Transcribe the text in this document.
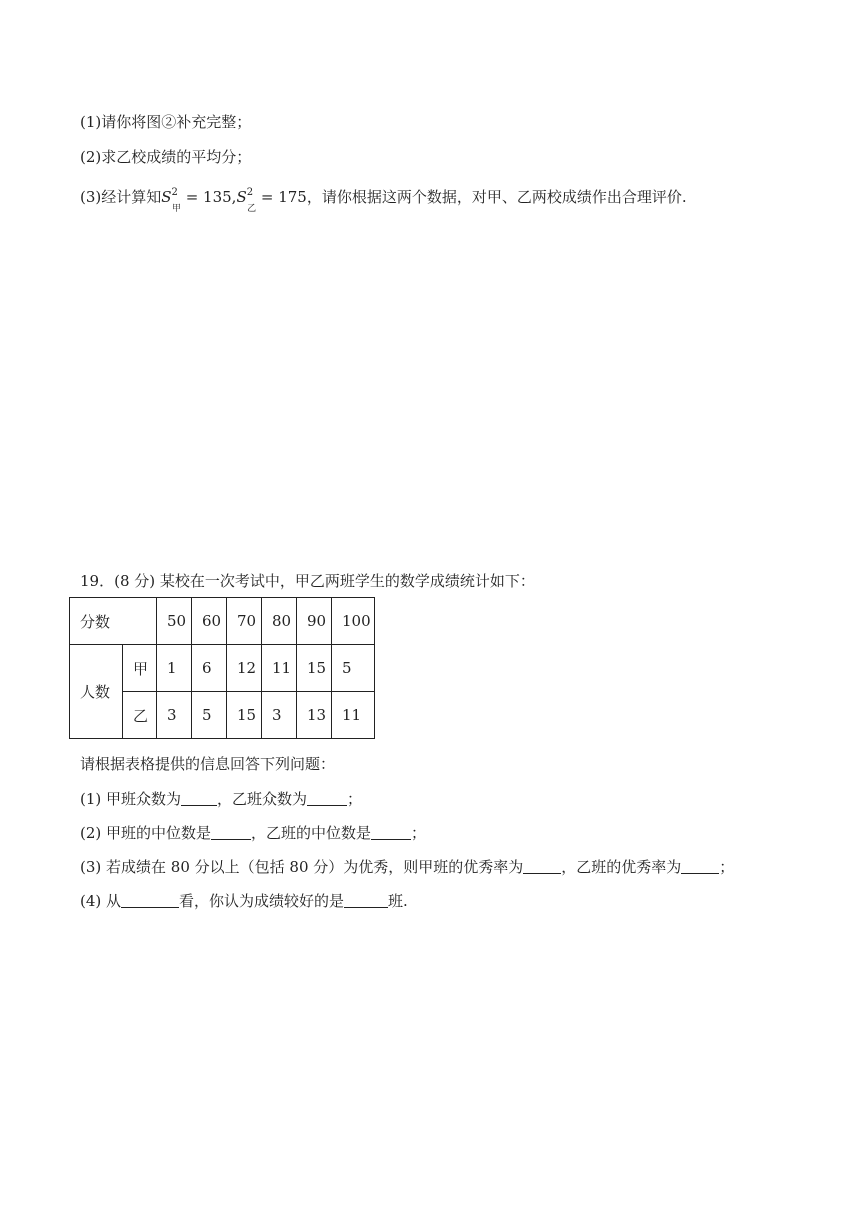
(1)请你将图②补充完整；
(2)求乙校成绩的平均分；
(3)经计算知$S^2_甲 = 135,S^2_乙 = 175$，请你根据这两个数据，对甲、乙两校成绩作出合理评价.
19．(8 分) 某校在一次考试中，甲乙两班学生的数学成绩统计如下：
分数		50	60	70	80	90	100
人数	甲	1	6	12	11	15	5
	乙	3	5	15	3	13	11
请根据表格提供的信息回答下列问题：
(1) 甲班众数为 ，乙班众数为	；
(2) 甲班的中位数是	，乙班的中位数是	；
(3) 若成绩在 80 分以上（包括 80 分）为优秀，则甲班的优秀率为	，乙班的优秀率为	；
(4) 从	看，你认为成绩较好的是	班.
